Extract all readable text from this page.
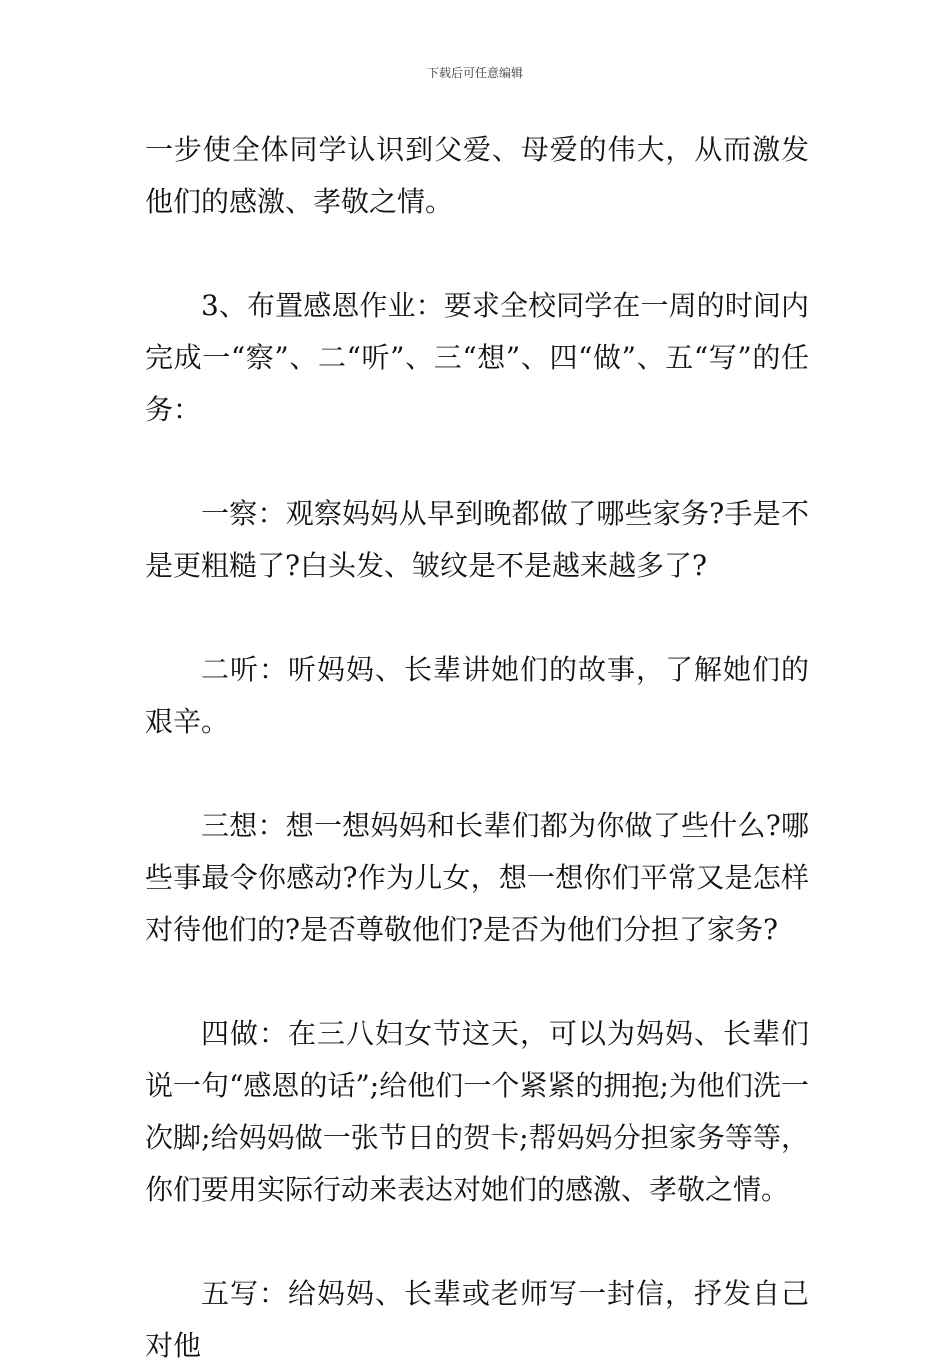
下载后可任意编辑

一步使全体同学认识到父爱、母爱的伟大，从而激发他们的感激、孝敬之情。

3、布置感恩作业：要求全校同学在一周的时间内完成一“察”、二“听”、三“想”、四“做”、五“写”的任务：

一察：观察妈妈从早到晚都做了哪些家务?手是不是更粗糙了?白头发、皱纹是不是越来越多了?

二听：听妈妈、长辈讲她们的故事，了解她们的艰辛。

三想：想一想妈妈和长辈们都为你做了些什么?哪些事最令你感动?作为儿女，想一想你们平常又是怎样对待他们的?是否尊敬他们?是否为他们分担了家务?

四做：在三八妇女节这天，可以为妈妈、长辈们说一句“感恩的话”;给他们一个紧紧的拥抱;为他们洗一次脚;给妈妈做一张节日的贺卡;帮妈妈分担家务等等，你们要用实际行动来表达对她们的感激、孝敬之情。

五写：给妈妈、长辈或老师写一封信，抒发自己对他
